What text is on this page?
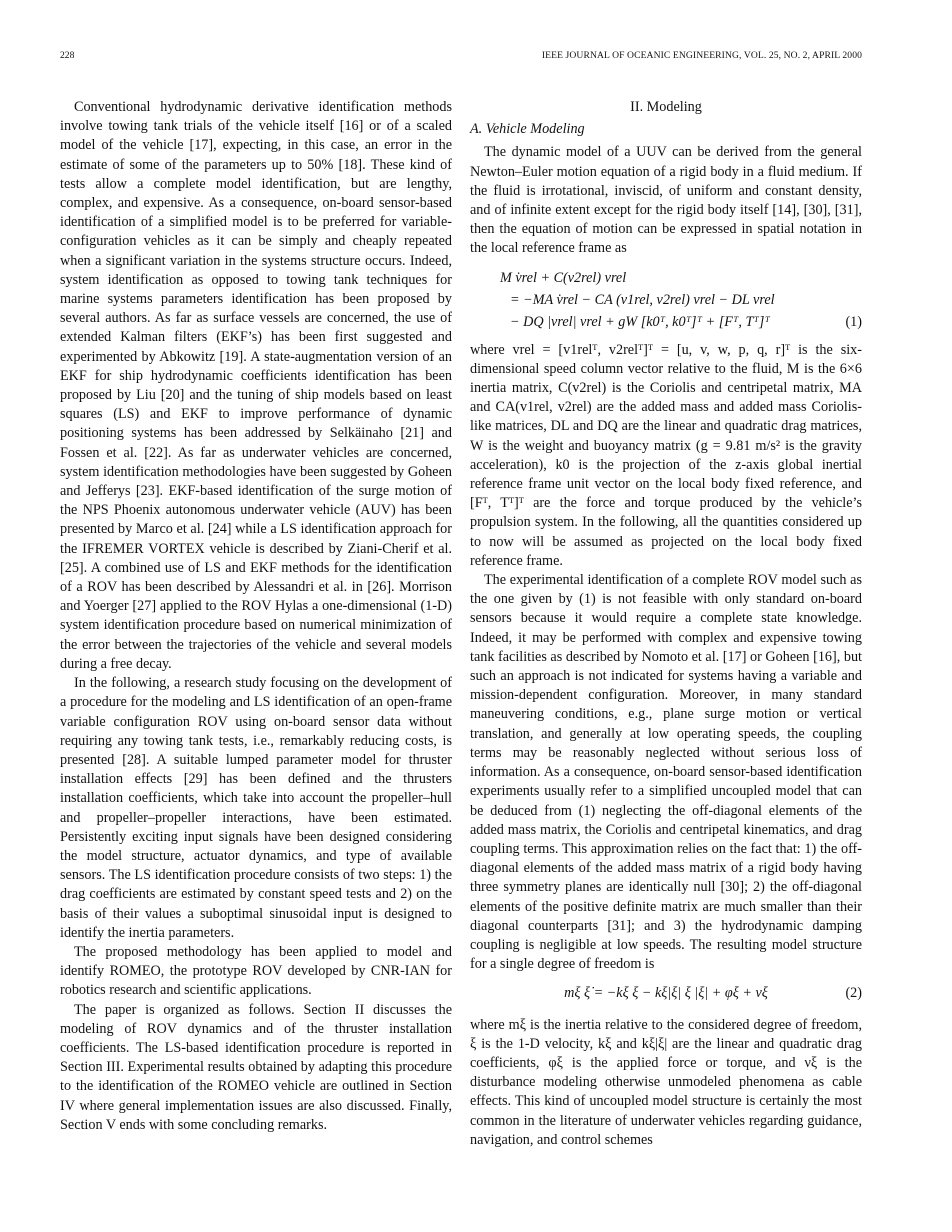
228	IEEE JOURNAL OF OCEANIC ENGINEERING, VOL. 25, NO. 2, APRIL 2000

Conventional hydrodynamic derivative identification methods involve towing tank trials of the vehicle itself [16] or of a scaled model of the vehicle [17], expecting, in this case, an error in the estimate of some of the parameters up to 50% [18]. These kind of tests allow a complete model identification, but are lengthy, complex, and expensive. As a consequence, on-board sensor-based identification of a simplified model is to be preferred for variable-configuration vehicles as it can be simply and cheaply repeated when a significant variation in the systems structure occurs. Indeed, system identification as opposed to towing tank techniques for marine systems parameters identification has been proposed by several authors. As far as surface vessels are concerned, the use of extended Kalman filters (EKF’s) has been first suggested and experimented by Abkowitz [19]. A state-augmentation version of an EKF for ship hydrodynamic coefficients identification has been proposed by Liu [20] and the tuning of ship models based on least squares (LS) and EKF to improve performance of dynamic positioning systems has been addressed by Selkäinaho [21] and Fossen et al. [22]. As far as underwater vehicles are concerned, system identification methodologies have been suggested by Goheen and Jefferys [23]. EKF-based identification of the surge motion of the NPS Phoenix autonomous underwater vehicle (AUV) has been presented by Marco et al. [24] while a LS identification approach for the IFREMER VORTEX vehicle is described by Ziani-Cherif et al. [25]. A combined use of LS and EKF methods for the identification of a ROV has been described by Alessandri et al. in [26]. Morrison and Yoerger [27] applied to the ROV Hylas a one-dimensional (1-D) system identification procedure based on numerical minimization of the error between the trajectories of the vehicle and several models during a free decay.

In the following, a research study focusing on the development of a procedure for the modeling and LS identification of an open-frame variable configuration ROV using on-board sensor data without requiring any towing tank tests, i.e., remarkably reducing costs, is presented [28]. A suitable lumped parameter model for thruster installation effects [29] has been defined and the thrusters installation coefficients, which take into account the propeller–hull and propeller–propeller interactions, have been estimated. Persistently exciting input signals have been designed considering the model structure, actuator dynamics, and type of available sensors. The LS identification procedure consists of two steps: 1) the drag coefficients are estimated by constant speed tests and 2) on the basis of their values a suboptimal sinusoidal input is designed to identify the inertia parameters.

The proposed methodology has been applied to model and identify ROMEO, the prototype ROV developed by CNR-IAN for robotics research and scientific applications.

The paper is organized as follows. Section II discusses the modeling of ROV dynamics and of the thruster installation coefficients. The LS-based identification procedure is reported in Section III. Experimental results obtained by adapting this procedure to the identification of the ROMEO vehicle are outlined in Section IV where general implementation issues are also discussed. Finally, Section V ends with some concluding remarks.

II. Modeling
A. Vehicle Modeling

The dynamic model of a UUV can be derived from the general Newton–Euler motion equation of a rigid body in a fluid medium. If the fluid is irrotational, inviscid, of uniform and constant density, and of infinite extent except for the rigid body itself [14], [30], [31], then the equation of motion can be expressed in spatial notation in the local reference frame as

M v̇rel + C(v2rel) vrel
= −MA v̇rel − CA (v1rel, v2rel) vrel − DL vrel
− DQ |vrel| vrel + gW [k0ᵀ, k0ᵀ]ᵀ + [Fᵀ, Tᵀ]ᵀ	(1)

where vrel = [v1relᵀ, v2relᵀ]ᵀ = [u, v, w, p, q, r]ᵀ is the six-dimensional speed column vector relative to the fluid, M is the 6×6 inertia matrix, C(v2rel) is the Coriolis and centripetal matrix, MA and CA(v1rel, v2rel) are the added mass and added mass Coriolis-like matrices, DL and DQ are the linear and quadratic drag matrices, W is the weight and buoyancy matrix (g = 9.81 m/s² is the gravity acceleration), k0 is the projection of the z-axis global inertial reference frame unit vector on the local body fixed reference, and [Fᵀ, Tᵀ]ᵀ are the force and torque produced by the vehicle’s propulsion system. In the following, all the quantities considered up to now will be assumed as projected on the local body fixed reference frame.

The experimental identification of a complete ROV model such as the one given by (1) is not feasible with only standard on-board sensors because it would require a complete state knowledge. Indeed, it may be performed with complex and expensive towing tank facilities as described by Nomoto et al. [17] or Goheen [16], but such an approach is not indicated for systems having a variable and mission-dependent configuration. Moreover, in many standard maneuvering conditions, e.g., plane surge motion or vertical translation, and generally at low operating speeds, the coupling terms may be reasonably neglected without serious loss of information. As a consequence, on-board sensor-based identification experiments usually refer to a simplified uncoupled model that can be deduced from (1) neglecting the off-diagonal elements of the added mass matrix, the Coriolis and centripetal kinematics, and drag coupling terms. This approximation relies on the fact that: 1) the off-diagonal elements of the added mass matrix of a rigid body having three symmetry planes are identically null [30]; 2) the off-diagonal elements of the positive definite matrix are much smaller than their diagonal counterparts [31]; and 3) the hydrodynamic damping coupling is negligible at low speeds. The resulting model structure for a single degree of freedom is

mξ ξ̇ = −kξ ξ − kξ|ξ| ξ |ξ| + φξ + νξ	(2)

where mξ is the inertia relative to the considered degree of freedom, ξ is the 1-D velocity, kξ and kξ|ξ| are the linear and quadratic drag coefficients, φξ is the applied force or torque, and νξ is the disturbance modeling otherwise unmodeled phenomena as cable effects. This kind of uncoupled model structure is certainly the most common in the literature of underwater vehicles regarding guidance, navigation, and control schemes
